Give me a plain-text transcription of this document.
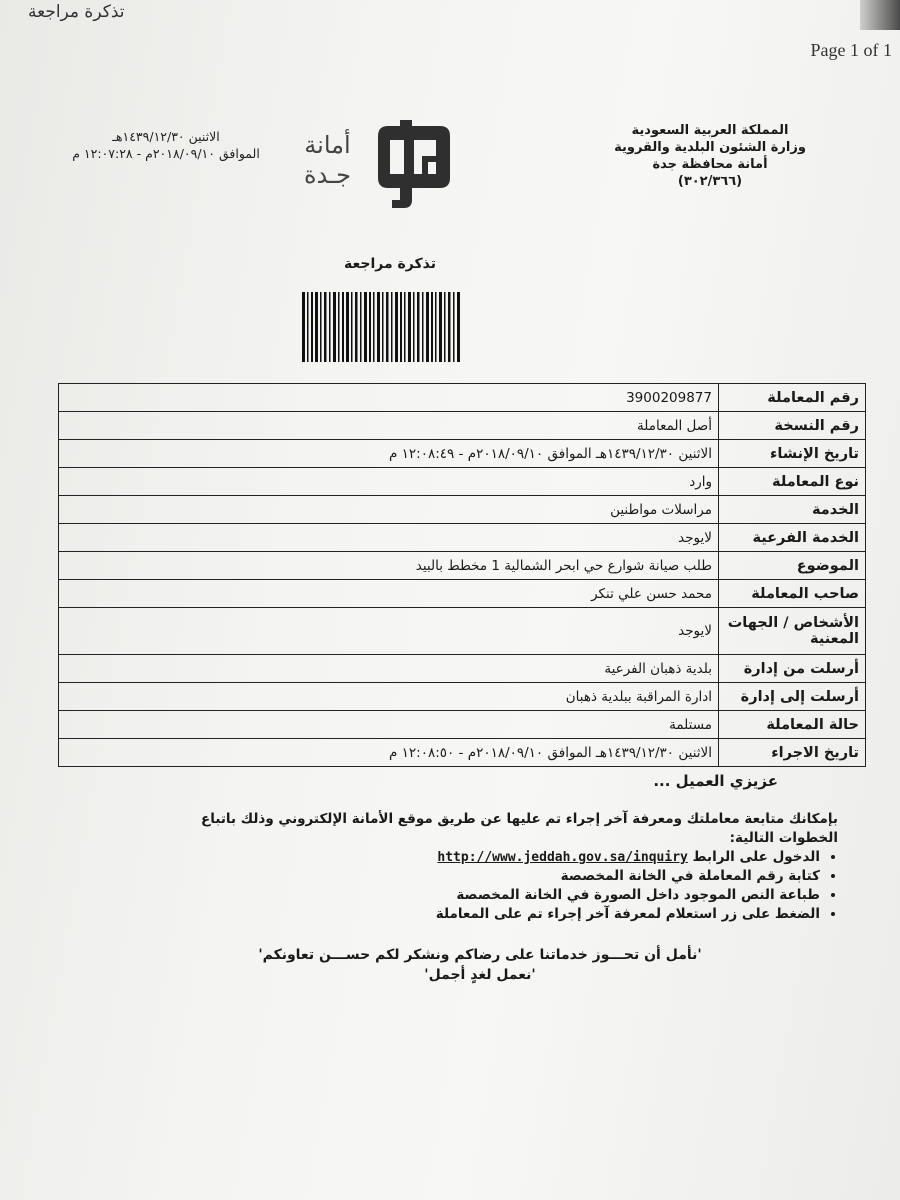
تذكرة مراجعة
Page 1 of 1
المملكة العربية السعودية
وزارة الشئون البلدية والقروية
أمانة محافظة جدة
(٣٠٢/٣٦٦)
أمانة
جـدة
الاثنين ١٤٣٩/١٢/٣٠هـ
الموافق ٢٠١٨/٠٩/١٠م - ١٢:٠٧:٢٨ م
تذكرة مراجعة
رقم المعاملة	3900209877
رقم النسخة	أصل المعاملة
تاريخ الإنشاء	الاثنين ١٤٣٩/١٢/٣٠هـ الموافق ٢٠١٨/٠٩/١٠م - ١٢:٠٨:٤٩ م
نوع المعاملة	وارد
الخدمة	مراسلات مواطنين
الخدمة الفرعية	لايوجد
الموضوع	طلب صيانة شوارع حي ابحر الشمالية 1 مخطط بالبيد
صاحب المعاملة	محمد حسن علي تنكر
الأشخاص / الجهات المعنية	لايوجد
أرسلت من إدارة	بلدية ذهبان الفرعية
أرسلت إلى إدارة	ادارة المراقبة ببلدية ذهبان
حالة المعاملة	مستلمة
تاريخ الاجراء	الاثنين ١٤٣٩/١٢/٣٠هـ الموافق ٢٠١٨/٠٩/١٠م - ١٢:٠٨:٥٠ م
عزيزي العميل ...
بإمكانك متابعة معاملتك ومعرفة آخر إجراء تم عليها عن طريق موقع الأمانة الإلكتروني وذلك باتباع الخطوات التالية:
• الدخول على الرابط http://www.jeddah.gov.sa/inquiry
• كتابة رقم المعاملة في الخانة المخصصة
• طباعة النص الموجود داخل الصورة في الخانة المخصصة
• الضغط على زر استعلام لمعرفة آخر إجراء تم على المعاملة
'نأمل أن تحـــوز خدماتنا على رضاكم ونشكر لكم حســـن تعاونكم'
'نعمل لغدٍ أجمل'
